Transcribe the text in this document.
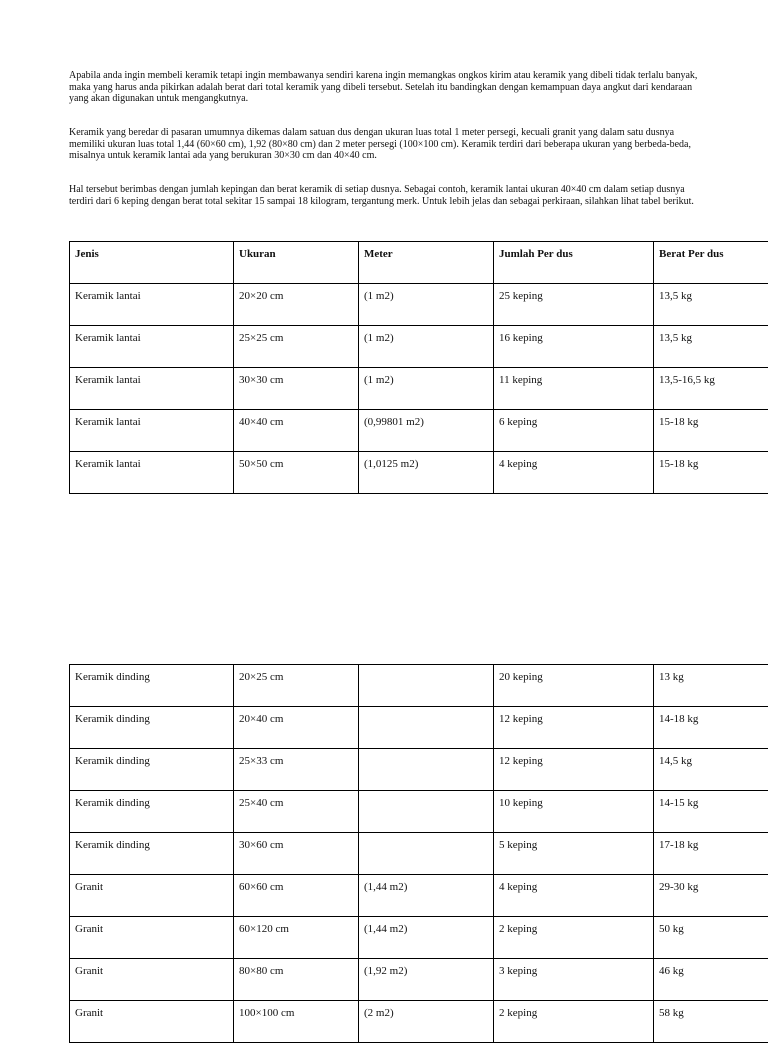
Apabila anda ingin membeli keramik tetapi ingin membawanya sendiri karena ingin memangkas ongkos kirim atau keramik yang dibeli tidak terlalu banyak, maka yang harus anda pikirkan adalah berat dari total keramik yang dibeli tersebut. Setelah itu bandingkan dengan kemampuan daya angkut dari kendaraan yang akan digunakan untuk mengangkutnya.

Keramik yang beredar di pasaran umumnya dikemas dalam satuan dus dengan ukuran luas total 1 meter persegi, kecuali granit yang dalam satu dusnya memiliki ukuran luas total 1,44 (60×60 cm), 1,92 (80×80 cm) dan 2 meter persegi (100×100 cm). Keramik terdiri dari beberapa ukuran yang berbeda-beda, misalnya untuk keramik lantai ada yang berukuran 30×30 cm dan 40×40 cm.

Hal tersebut berimbas dengan jumlah kepingan dan berat keramik di setiap dusnya. Sebagai contoh, keramik lantai ukuran 40×40 cm dalam setiap dusnya terdiri dari 6 keping dengan berat total sekitar 15 sampai 18 kilogram, tergantung merk. Untuk lebih jelas dan sebagai perkiraan, silahkan lihat tabel berikut.

Jenis	Ukuran	Meter	Jumlah Per dus	Berat Per dus
Keramik lantai	20×20 cm	(1 m2)	25 keping	13,5 kg
Keramik lantai	25×25 cm	(1 m2)	16 keping	13,5 kg
Keramik lantai	30×30 cm	(1 m2)	11 keping	13,5-16,5 kg
Keramik lantai	40×40 cm	(0,99801 m2)	6 keping	15-18 kg
Keramik lantai	50×50 cm	(1,0125 m2)	4 keping	15-18 kg
Keramik dinding	20×25 cm		20 keping	13 kg
Keramik dinding	20×40 cm		12 keping	14-18 kg
Keramik dinding	25×33 cm		12 keping	14,5 kg
Keramik dinding	25×40 cm		10 keping	14-15 kg
Keramik dinding	30×60 cm		5 keping	17-18 kg
Granit	60×60 cm	(1,44 m2)	4 keping	29-30 kg
Granit	60×120 cm	(1,44 m2)	2 keping	50 kg
Granit	80×80 cm	(1,92 m2)	3 keping	46 kg
Granit	100×100 cm	(2 m2)	2 keping	58 kg
